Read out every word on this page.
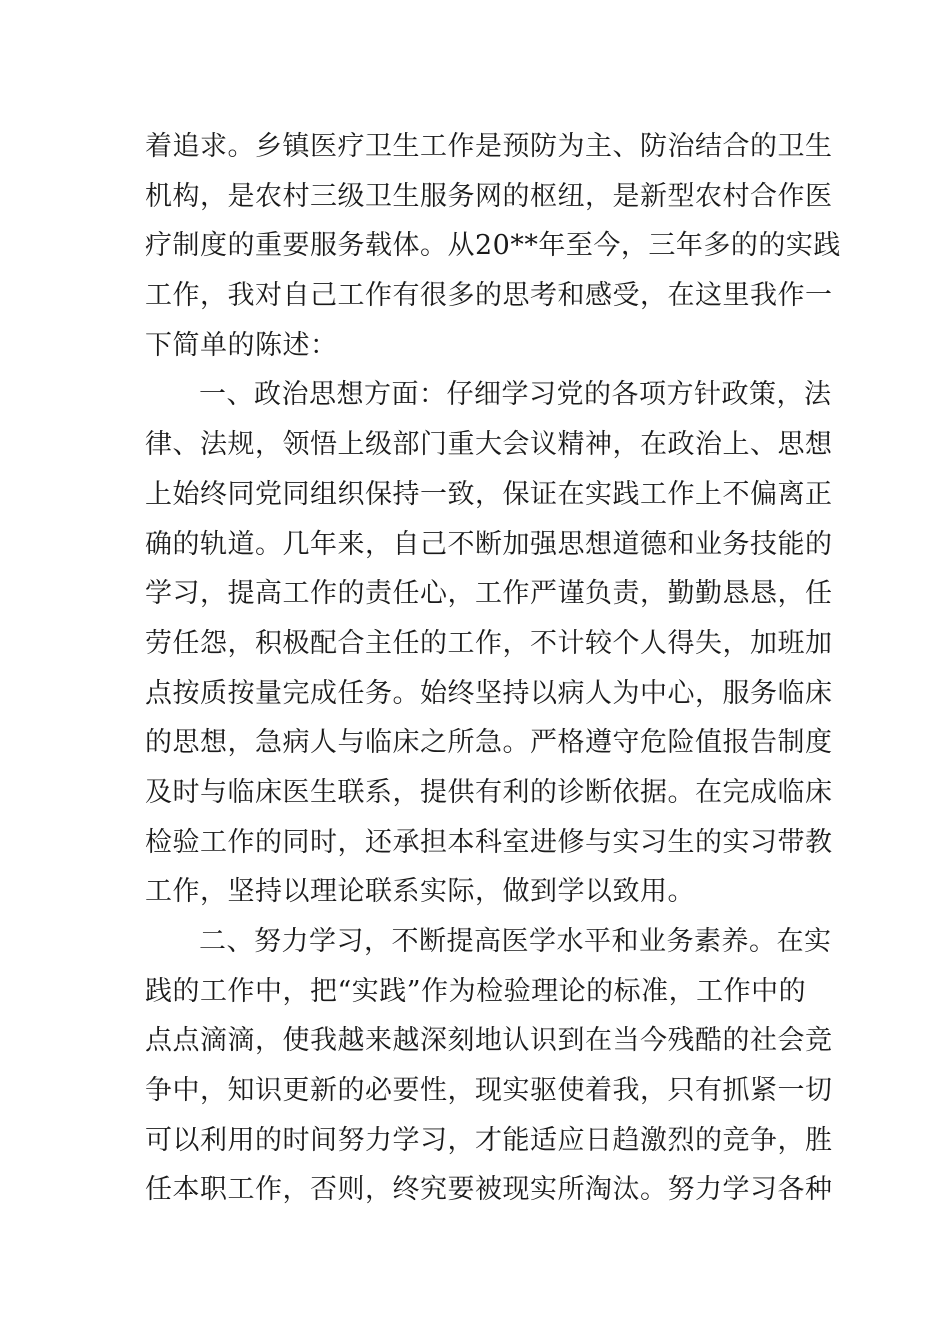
着追求。乡镇医疗卫生工作是预防为主、防治结合的卫生
机构，是农村三级卫生服务网的枢纽，是新型农村合作医
疗制度的重要服务载体。从20**年至今，三年多的的实践
工作，我对自己工作有很多的思考和感受，在这里我作一
下简单的陈述：
一、政治思想方面：仔细学习党的各项方针政策，法
律、法规，领悟上级部门重大会议精神，在政治上、思想
上始终同党同组织保持一致，保证在实践工作上不偏离正
确的轨道。几年来，自己不断加强思想道德和业务技能的
学习，提高工作的责任心，工作严谨负责，勤勤恳恳，任
劳任怨，积极配合主任的工作，不计较个人得失，加班加
点按质按量完成任务。始终坚持以病人为中心，服务临床
的思想，急病人与临床之所急。严格遵守危险值报告制度
及时与临床医生联系，提供有利的诊断依据。在完成临床
检验工作的同时，还承担本科室进修与实习生的实习带教
工作，坚持以理论联系实际，做到学以致用。
二、努力学习，不断提高医学水平和业务素养。在实
践的工作中，把“实践”作为检验理论的标准，工作中的
点点滴滴，使我越来越深刻地认识到在当今残酷的社会竞
争中，知识更新的必要性，现实驱使着我，只有抓紧一切
可以利用的时间努力学习，才能适应日趋激烈的竞争，胜
任本职工作，否则，终究要被现实所淘汰。努力学习各种
